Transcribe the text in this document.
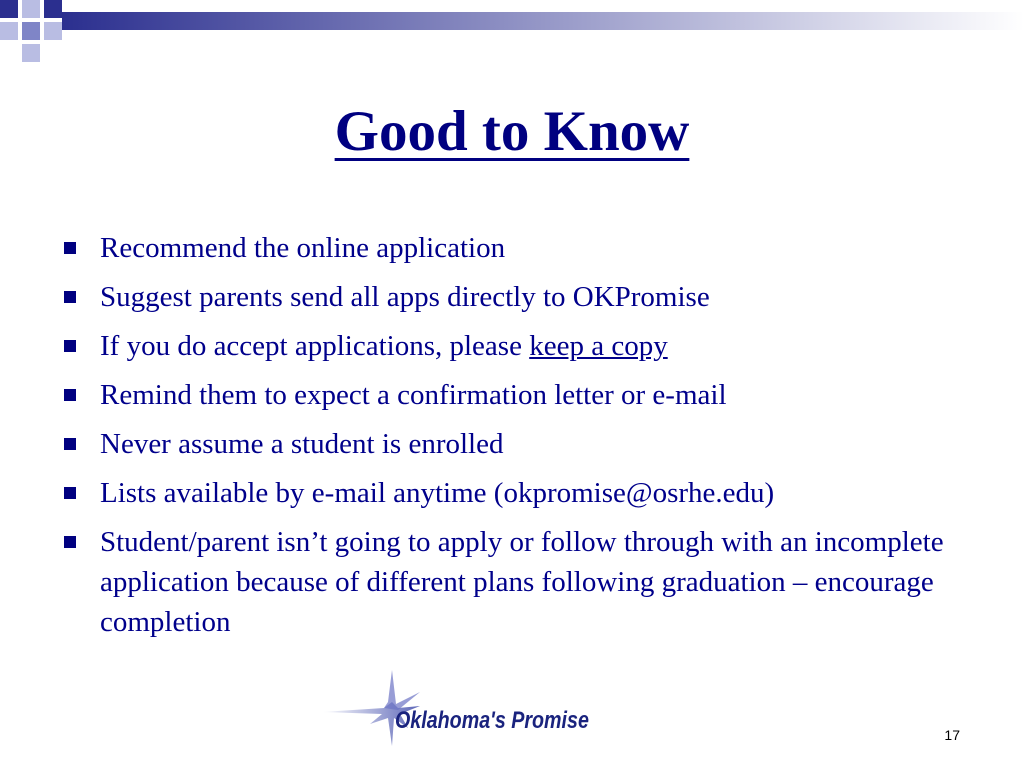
Good to Know
Recommend the online application
Suggest parents send all apps directly to OKPromise
If you do accept applications, please keep a copy
Remind them to expect a confirmation letter or e-mail
Never assume a student is enrolled
Lists available by e-mail anytime (okpromise@osrhe.edu)
Student/parent isn’t going to apply or follow through with an incomplete application because of different plans following graduation – encourage completion
Oklahoma's Promise
17
